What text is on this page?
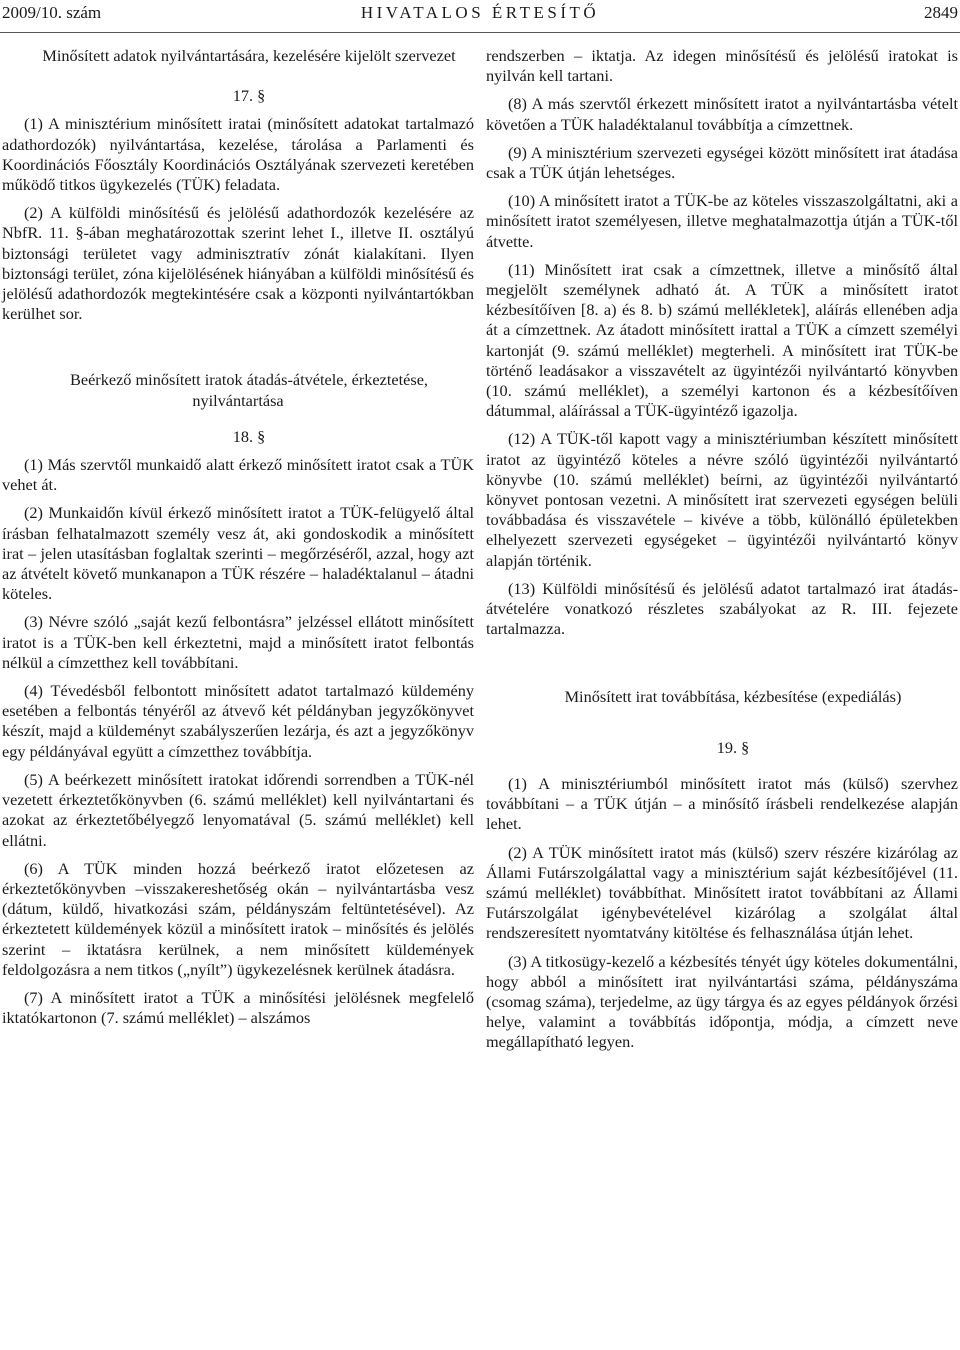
2009/10. szám	HIVATALOS ÉRTESÍTŐ	2849

Minősített adatok nyilvántartására, kezelésére kijelölt szervezet

17. §

(1) A minisztérium minősített iratai (minősített adatokat tartalmazó adathordozók) nyilvántartása, kezelése, tárolása a Parlamenti és Koordinációs Főosztály Koordinációs Osztályának szervezeti keretében működő titkos ügykezelés (TÜK) feladata.

(2) A külföldi minősítésű és jelölésű adathordozók kezelésére az NbfR. 11. §-ában meghatározottak szerint lehet I., illetve II. osztályú biztonsági területet vagy adminisztratív zónát kialakítani. Ilyen biztonsági terület, zóna kijelölésének hiányában a külföldi minősítésű és jelölésű adathordozók megtekintésére csak a központi nyilvántartókban kerülhet sor.

Beérkező minősített iratok átadás-átvétele, érkeztetése, nyilvántartása

18. §

(1) Más szervtől munkaidő alatt érkező minősített iratot csak a TÜK vehet át.

(2) Munkaidőn kívül érkező minősített iratot a TÜK-felügyelő által írásban felhatalmazott személy vesz át, aki gondoskodik a minősített irat – jelen utasításban foglaltak szerinti – megőrzéséről, azzal, hogy azt az átvételt követő munkanapon a TÜK részére – haladéktalanul – átadni köteles.

(3) Névre szóló „saját kezű felbontásra” jelzéssel ellátott minősített iratot is a TÜK-ben kell érkeztetni, majd a minősített iratot felbontás nélkül a címzetthez kell továbbítani.

(4) Tévedésből felbontott minősített adatot tartalmazó küldemény esetében a felbontás tényéről az átvevő két példányban jegyzőkönyvet készít, majd a küldeményt szabályszerűen lezárja, és azt a jegyzőkönyv egy példányával együtt a címzetthez továbbítja.

(5) A beérkezett minősített iratokat időrendi sorrendben a TÜK-nél vezetett érkeztetőkönyvben (6. számú melléklet) kell nyilvántartani és azokat az érkeztetőbélyegző lenyomatával (5. számú melléklet) kell ellátni.

(6) A TÜK minden hozzá beérkező iratot előzetesen az érkeztetőkönyvben –visszakereshetőség okán – nyilvántartásba vesz (dátum, küldő, hivatkozási szám, példányszám feltüntetésével). Az érkeztetett küldemények közül a minősített iratok – minősítés és jelölés szerint – iktatásra kerülnek, a nem minősített küldemények feldolgozásra a nem titkos („nyílt”) ügykezelésnek kerülnek átadásra.

(7) A minősített iratot a TÜK a minősítési jelölésnek megfelelő iktatókartonon (7. számú melléklet) – alszámos

rendszerben – iktatja. Az idegen minősítésű és jelölésű iratokat is nyilván kell tartani.

(8) A más szervtől érkezett minősített iratot a nyilvántartásba vételt követően a TÜK haladéktalanul továbbítja a címzettnek.

(9) A minisztérium szervezeti egységei között minősített irat átadása csak a TÜK útján lehetséges.

(10) A minősített iratot a TÜK-be az köteles visszaszolgáltatni, aki a minősített iratot személyesen, illetve meghatalmazottja útján a TÜK-től átvette.

(11) Minősített irat csak a címzettnek, illetve a minősítő által megjelölt személynek adható át. A TÜK a minősített iratot kézbesítőíven [8. a) és 8. b) számú mellékletek], aláírás ellenében adja át a címzettnek. Az átadott minősített irattal a TÜK a címzett személyi kartonját (9. számú melléklet) megterheli. A minősített irat TÜK-be történő leadásakor a visszavételt az ügyintézői nyilvántartó könyvben (10. számú melléklet), a személyi kartonon és a kézbesítőíven dátummal, aláírással a TÜK-ügyintéző igazolja.

(12) A TÜK-től kapott vagy a minisztériumban készített minősített iratot az ügyintéző köteles a névre szóló ügyintézői nyilvántartó könyvbe (10. számú melléklet) beírni, az ügyintézői nyilvántartó könyvet pontosan vezetni. A minősített irat szervezeti egységen belüli továbbadása és visszavétele – kivéve a több, különálló épületekben elhelyezett szervezeti egységeket – ügyintézői nyilvántartó könyv alapján történik.

(13) Külföldi minősítésű és jelölésű adatot tartalmazó irat átadás-átvételére vonatkozó részletes szabályokat az R. III. fejezete tartalmazza.

Minősített irat továbbítása, kézbesítése (expediálás)

19. §

(1) A minisztériumból minősített iratot más (külső) szervhez továbbítani – a TÜK útján – a minősítő írásbeli rendelkezése alapján lehet.

(2) A TÜK minősített iratot más (külső) szerv részére kizárólag az Állami Futárszolgálattal vagy a minisztérium saját kézbesítőjével (11. számú melléklet) továbbíthat. Minősített iratot továbbítani az Állami Futárszolgálat igénybevételével kizárólag a szolgálat által rendszeresített nyomtatvány kitöltése és felhasználása útján lehet.

(3) A titkosügy-kezelő a kézbesítés tényét úgy köteles dokumentálni, hogy abból a minősített irat nyilvántartási száma, példányszáma (csomag száma), terjedelme, az ügy tárgya és az egyes példányok őrzési helye, valamint a továbbítás időpontja, módja, a címzett neve megállapítható legyen.
